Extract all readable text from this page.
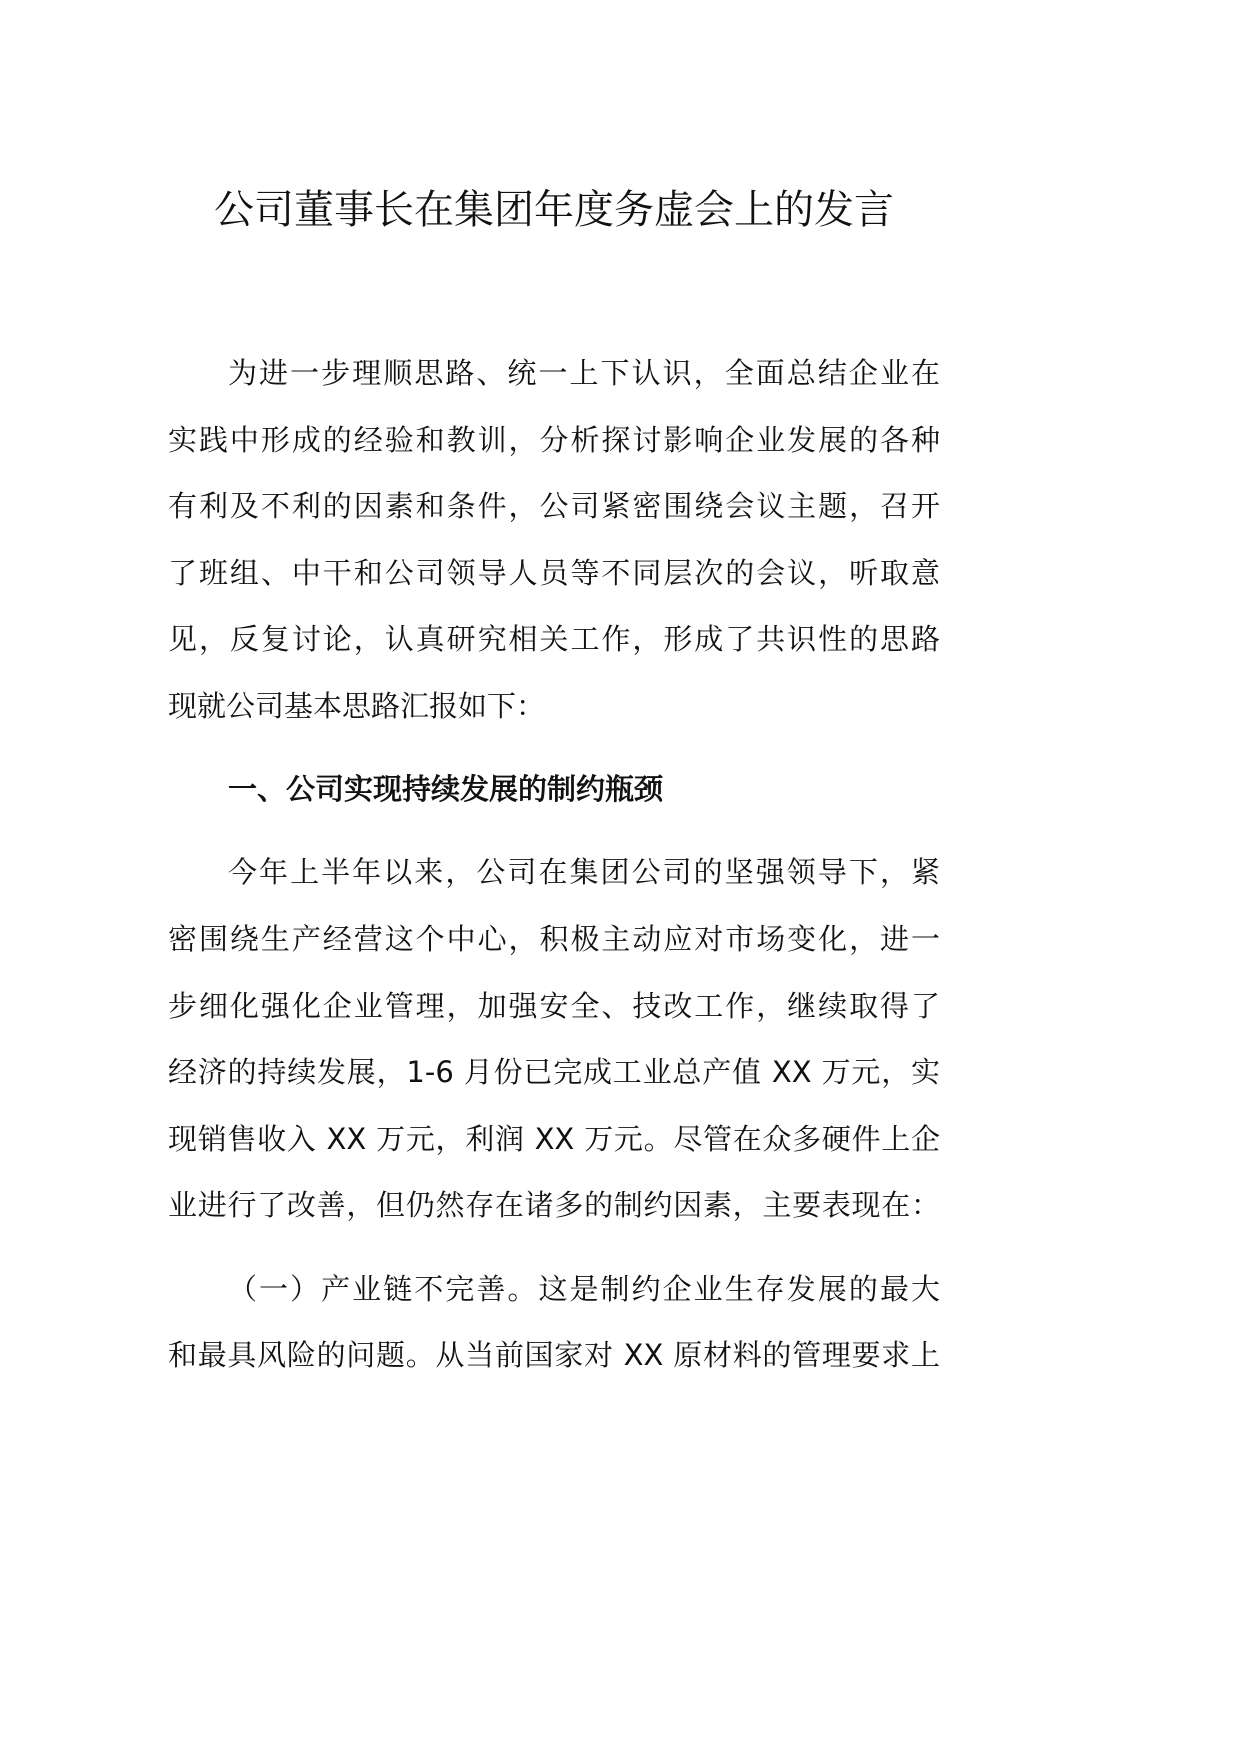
公司董事长在集团年度务虚会上的发言
为进一步理顺思路、统一上下认识，全面总结企业在
实践中形成的经验和教训，分析探讨影响企业发展的各种
有利及不利的因素和条件，公司紧密围绕会议主题，召开
了班组、中干和公司领导人员等不同层次的会议，听取意
见，反复讨论，认真研究相关工作，形成了共识性的思路
现就公司基本思路汇报如下：
一、公司实现持续发展的制约瓶颈
今年上半年以来，公司在集团公司的坚强领导下，紧
密围绕生产经营这个中心，积极主动应对市场变化，进一
步细化强化企业管理，加强安全、技改工作，继续取得了
经济的持续发展，1-6 月份已完成工业总产值 XX 万元，实
现销售收入 XX 万元，利润 XX 万元。尽管在众多硬件上企
业进行了改善，但仍然存在诸多的制约因素，主要表现在：
（一）产业链不完善。这是制约企业生存发展的最大
和最具风险的问题。从当前国家对 XX 原材料的管理要求上
